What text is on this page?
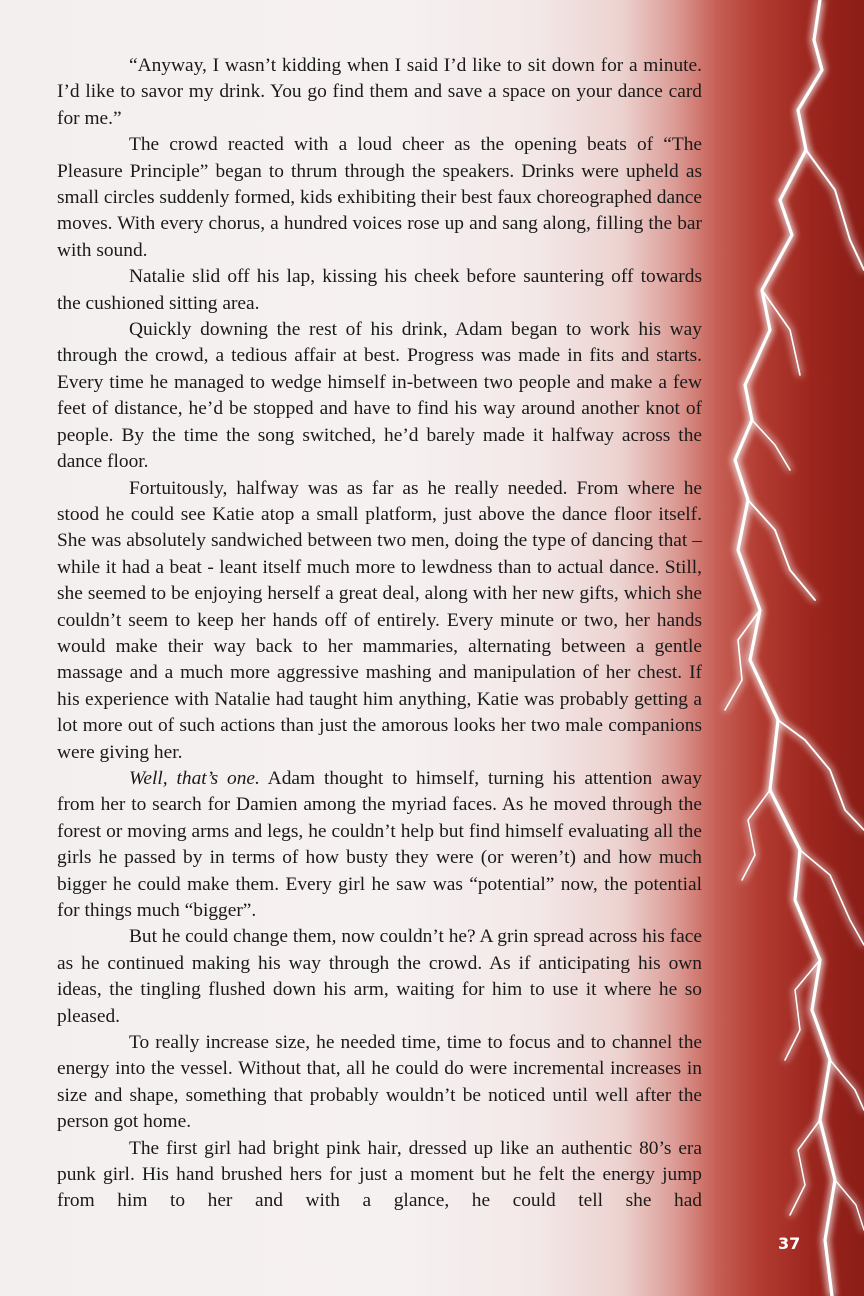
“Anyway, I wasn’t kidding when I said I’d like to sit down for a minute. I’d like to savor my drink. You go find them and save a space on your dance card for me.”

The crowd reacted with a loud cheer as the opening beats of “The Pleasure Principle” began to thrum through the speakers. Drinks were upheld as small circles suddenly formed, kids exhibiting their best faux choreographed dance moves. With every chorus, a hundred voices rose up and sang along, filling the bar with sound.

Natalie slid off his lap, kissing his cheek before sauntering off towards the cushioned sitting area.

Quickly downing the rest of his drink, Adam began to work his way through the crowd, a tedious affair at best. Progress was made in fits and starts. Every time he managed to wedge himself in-between two people and make a few feet of distance, he’d be stopped and have to find his way around another knot of people. By the time the song switched, he’d barely made it halfway across the dance floor.

Fortuitously, halfway was as far as he really needed. From where he stood he could see Katie atop a small platform, just above the dance floor itself. She was absolutely sandwiched between two men, doing the type of dancing that – while it had a beat - leant itself much more to lewdness than to actual dance. Still, she seemed to be enjoying herself a great deal, along with her new gifts, which she couldn’t seem to keep her hands off of entirely. Every minute or two, her hands would make their way back to her mammaries, alternating between a gentle massage and a much more aggressive mashing and manipulation of her chest. If his experience with Natalie had taught him anything, Katie was probably getting a lot more out of such actions than just the amorous looks her two male companions were giving her.

Well, that’s one. Adam thought to himself, turning his attention away from her to search for Damien among the myriad faces. As he moved through the forest or moving arms and legs, he couldn’t help but find himself evaluating all the girls he passed by in terms of how busty they were (or weren’t) and how much bigger he could make them. Every girl he saw was “potential” now, the potential for things much “bigger”.

But he could change them, now couldn’t he? A grin spread across his face as he continued making his way through the crowd. As if anticipating his own ideas, the tingling flushed down his arm, waiting for him to use it where he so pleased.

To really increase size, he needed time, time to focus and to channel the energy into the vessel. Without that, all he could do were incremental increases in size and shape, something that probably wouldn’t be noticed until well after the person got home.

The first girl had bright pink hair, dressed up like an authentic 80’s era punk girl. His hand brushed hers for just a moment but he felt the energy jump from him to her and with a glance, he could tell she had

37
